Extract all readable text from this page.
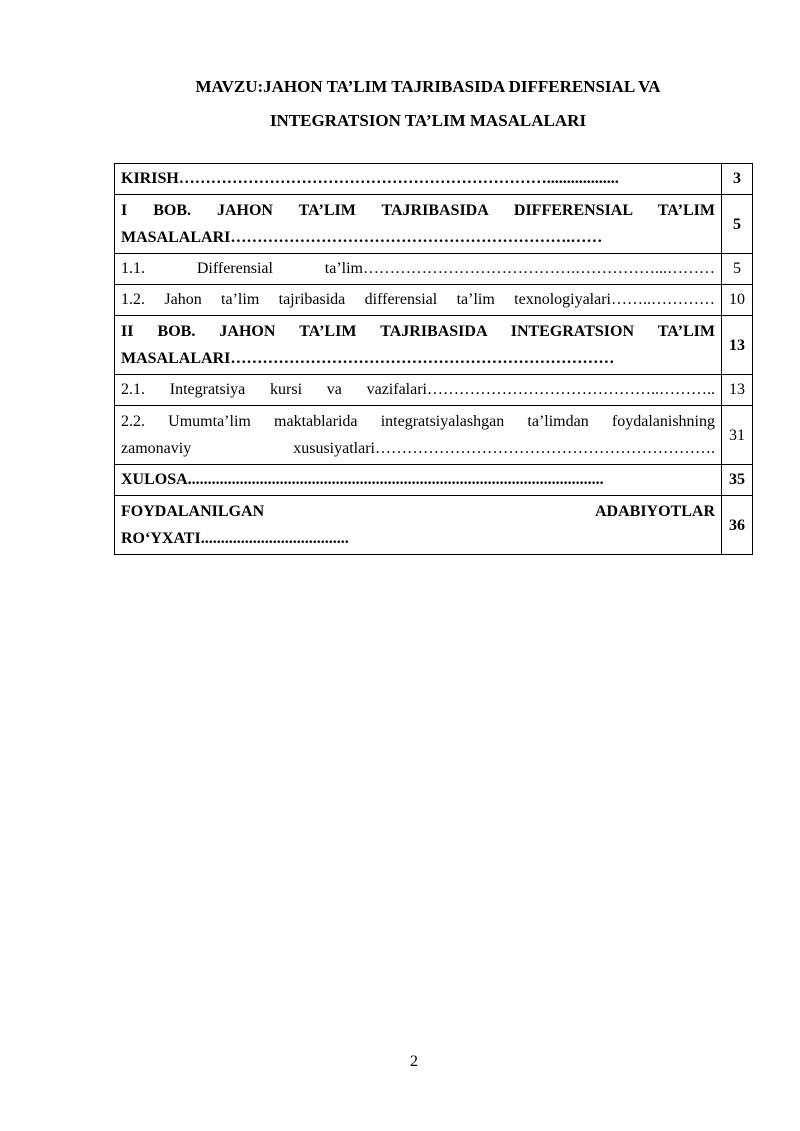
MAVZU:JAHON TA’LIM TAJRIBASIDA DIFFERENSIAL VA
INTEGRATSION TA’LIM MASALALARI
KIRISH……………………………………………………………..................	3

I BOB. JAHON TA’LIM TAJRIBASIDA DIFFERENSIAL TA’LIM
MASALALARI……………………………………………………….……	5

1.1. Differensial ta’lim………………………………….……………...………	5

1.2. Jahon ta’lim tajribasida differensial ta’lim texnologiyalari……..…………	10

II BOB. JAHON TA’LIM TAJRIBASIDA INTEGRATSION TA’LIM
MASALALARI………………………………………………………………	13

2.1. Integratsiya kursi va vazifalari……………………………………..………..	13

2.2. Umumta’lim maktablarida integratsiyalashgan ta’limdan foydalanishning
zamonaviy xususiyatlari……………………………………………………….	31

XULOSA........................................................................................................	35

FOYDALANILGAN ADABIYOTLAR
RO‘YXATI.....................................	36
2
